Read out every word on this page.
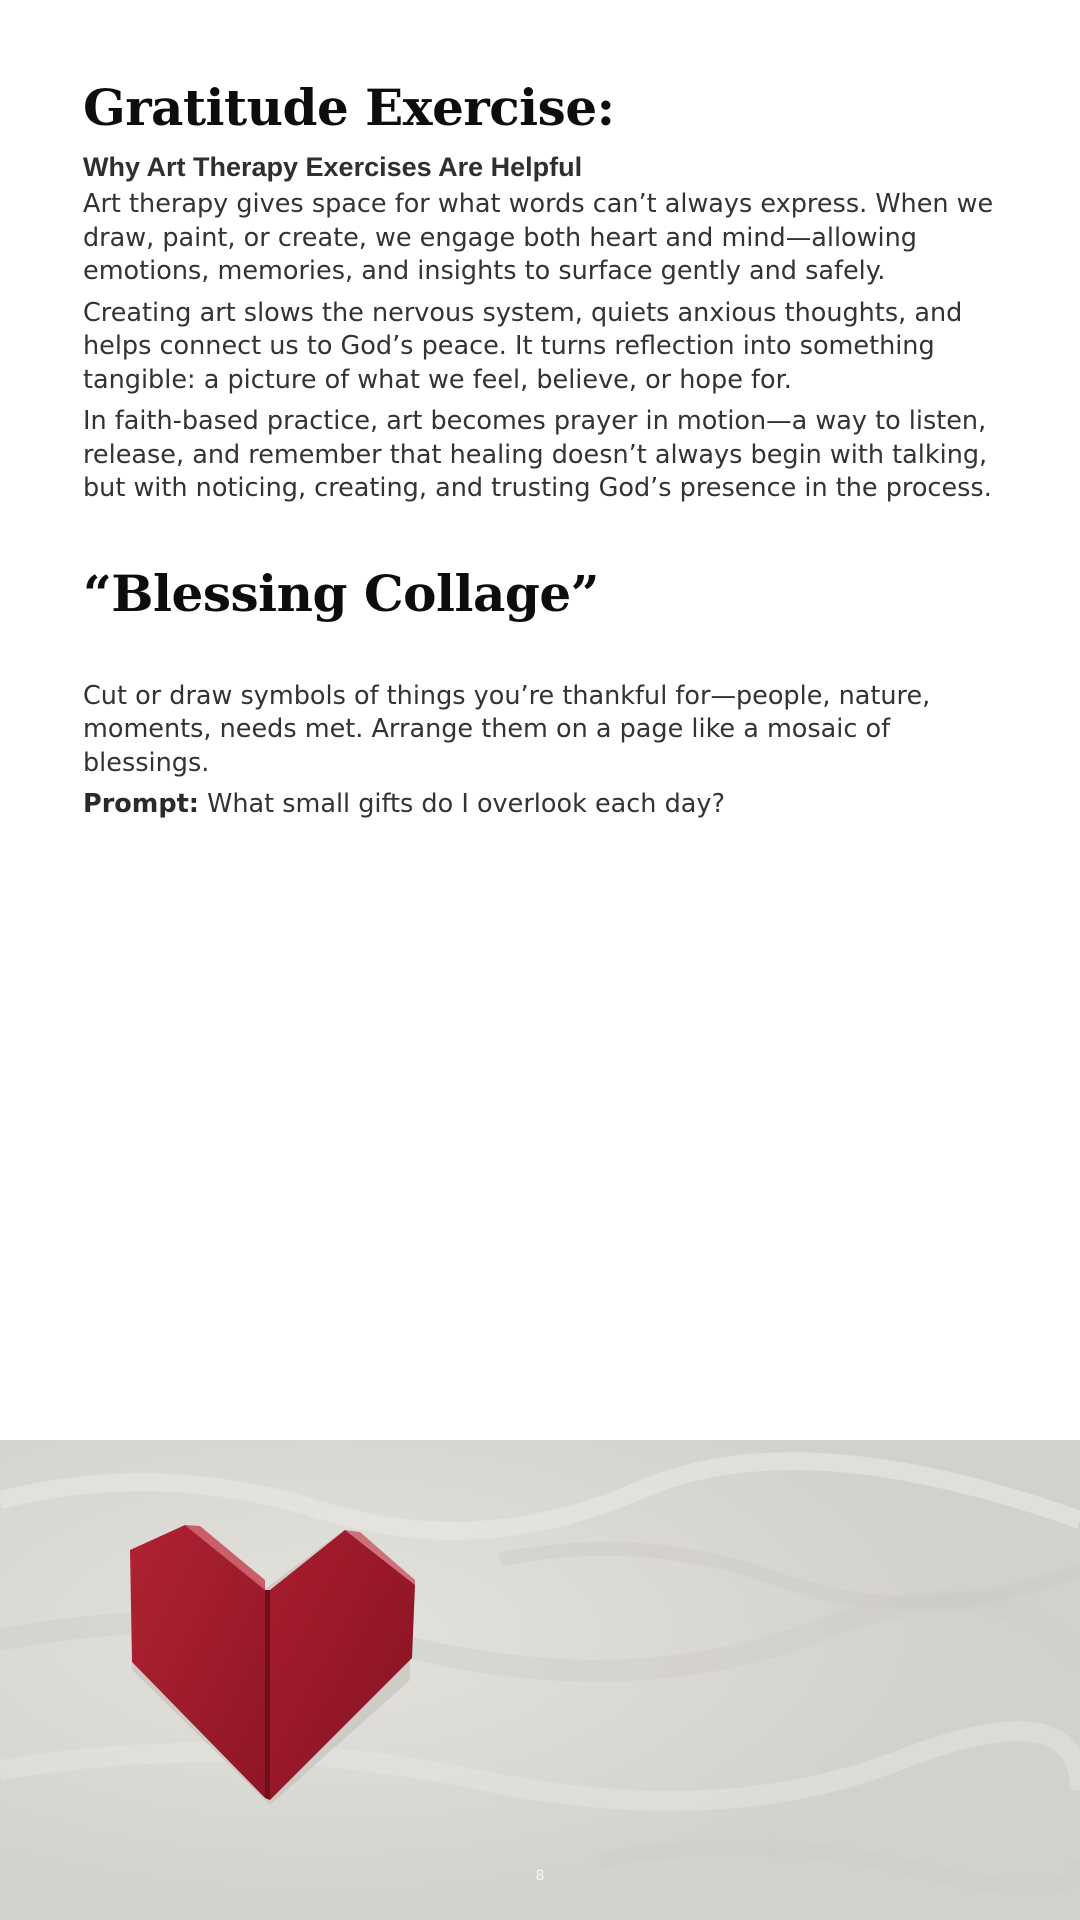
Gratitude Exercise:
Why Art Therapy Exercises Are Helpful

Art therapy gives space for what words can’t always express. When we draw, paint, or create, we engage both heart and mind—allowing emotions, memories, and insights to surface gently and safely.

Creating art slows the nervous system, quiets anxious thoughts, and helps connect us to God’s peace. It turns reflection into something tangible: a picture of what we feel, believe, or hope for.

In faith-based practice, art becomes prayer in motion—a way to listen, release, and remember that healing doesn’t always begin with talking, but with noticing, creating, and trusting God’s presence in the process.

“Blessing Collage”

Cut or draw symbols of things you’re thankful for—people, nature, moments, needs met. Arrange them on a page like a mosaic of blessings.

Prompt: What small gifts do I overlook each day?

8
